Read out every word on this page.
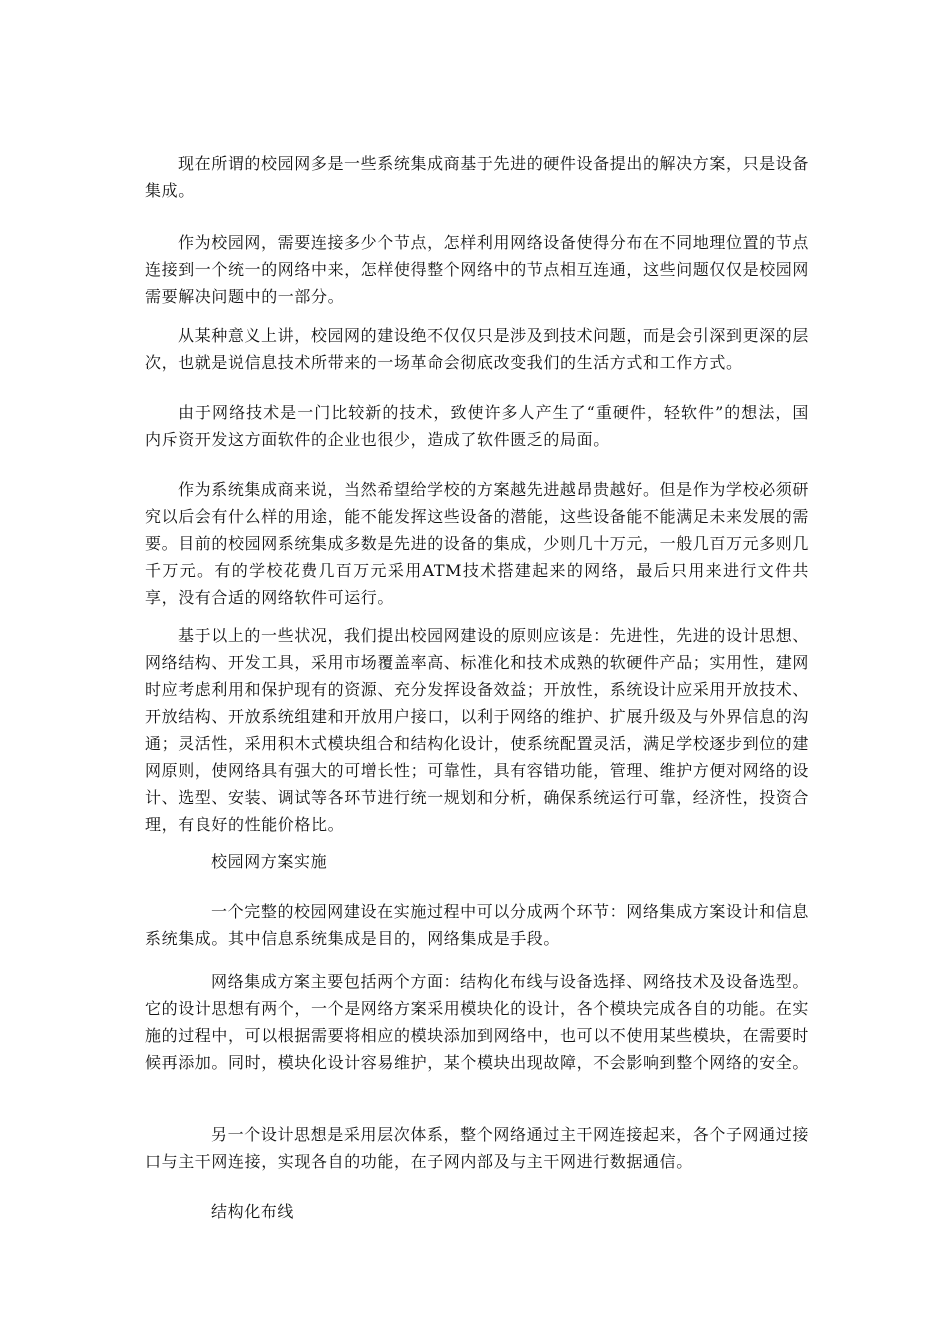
现在所谓的校园网多是一些系统集成商基于先进的硬件设备提出的解决方案，只是设备集成。

作为校园网，需要连接多少个节点，怎样利用网络设备使得分布在不同地理位置的节点连接到一个统一的网络中来，怎样使得整个网络中的节点相互连通，这些问题仅仅是校园网需要解决问题中的一部分。

从某种意义上讲，校园网的建设绝不仅仅只是涉及到技术问题，而是会引深到更深的层次，也就是说信息技术所带来的一场革命会彻底改变我们的生活方式和工作方式。

由于网络技术是一门比较新的技术，致使许多人产生了“重硬件，轻软件”的想法，国内斥资开发这方面软件的企业也很少，造成了软件匮乏的局面。

作为系统集成商来说，当然希望给学校的方案越先进越昂贵越好。但是作为学校必须研究以后会有什么样的用途，能不能发挥这些设备的潜能，这些设备能不能满足未来发展的需要。目前的校园网系统集成多数是先进的设备的集成，少则几十万元，一般几百万元多则几千万元。有的学校花费几百万元采用ATM技术搭建起来的网络，最后只用来进行文件共享，没有合适的网络软件可运行。

基于以上的一些状况，我们提出校园网建设的原则应该是：先进性，先进的设计思想、网络结构、开发工具，采用市场覆盖率高、标准化和技术成熟的软硬件产品；实用性，建网时应考虑利用和保护现有的资源、充分发挥设备效益；开放性，系统设计应采用开放技术、开放结构、开放系统组建和开放用户接口，以利于网络的维护、扩展升级及与外界信息的沟通；灵活性，采用积木式模块组合和结构化设计，使系统配置灵活，满足学校逐步到位的建网原则，使网络具有强大的可增长性；可靠性，具有容错功能，管理、维护方便对网络的设计、选型、安装、调试等各环节进行统一规划和分析，确保系统运行可靠，经济性，投资合理，有良好的性能价格比。

校园网方案实施

一个完整的校园网建设在实施过程中可以分成两个环节：网络集成方案设计和信息系统集成。其中信息系统集成是目的，网络集成是手段。

网络集成方案主要包括两个方面：结构化布线与设备选择、网络技术及设备选型。它的设计思想有两个，一个是网络方案采用模块化的设计，各个模块完成各自的功能。在实施的过程中，可以根据需要将相应的模块添加到网络中，也可以不使用某些模块，在需要时候再添加。同时，模块化设计容易维护，某个模块出现故障，不会影响到整个网络的安全。

另一个设计思想是采用层次体系，整个网络通过主干网连接起来，各个子网通过接口与主干网连接，实现各自的功能，在子网内部及与主干网进行数据通信。

结构化布线
